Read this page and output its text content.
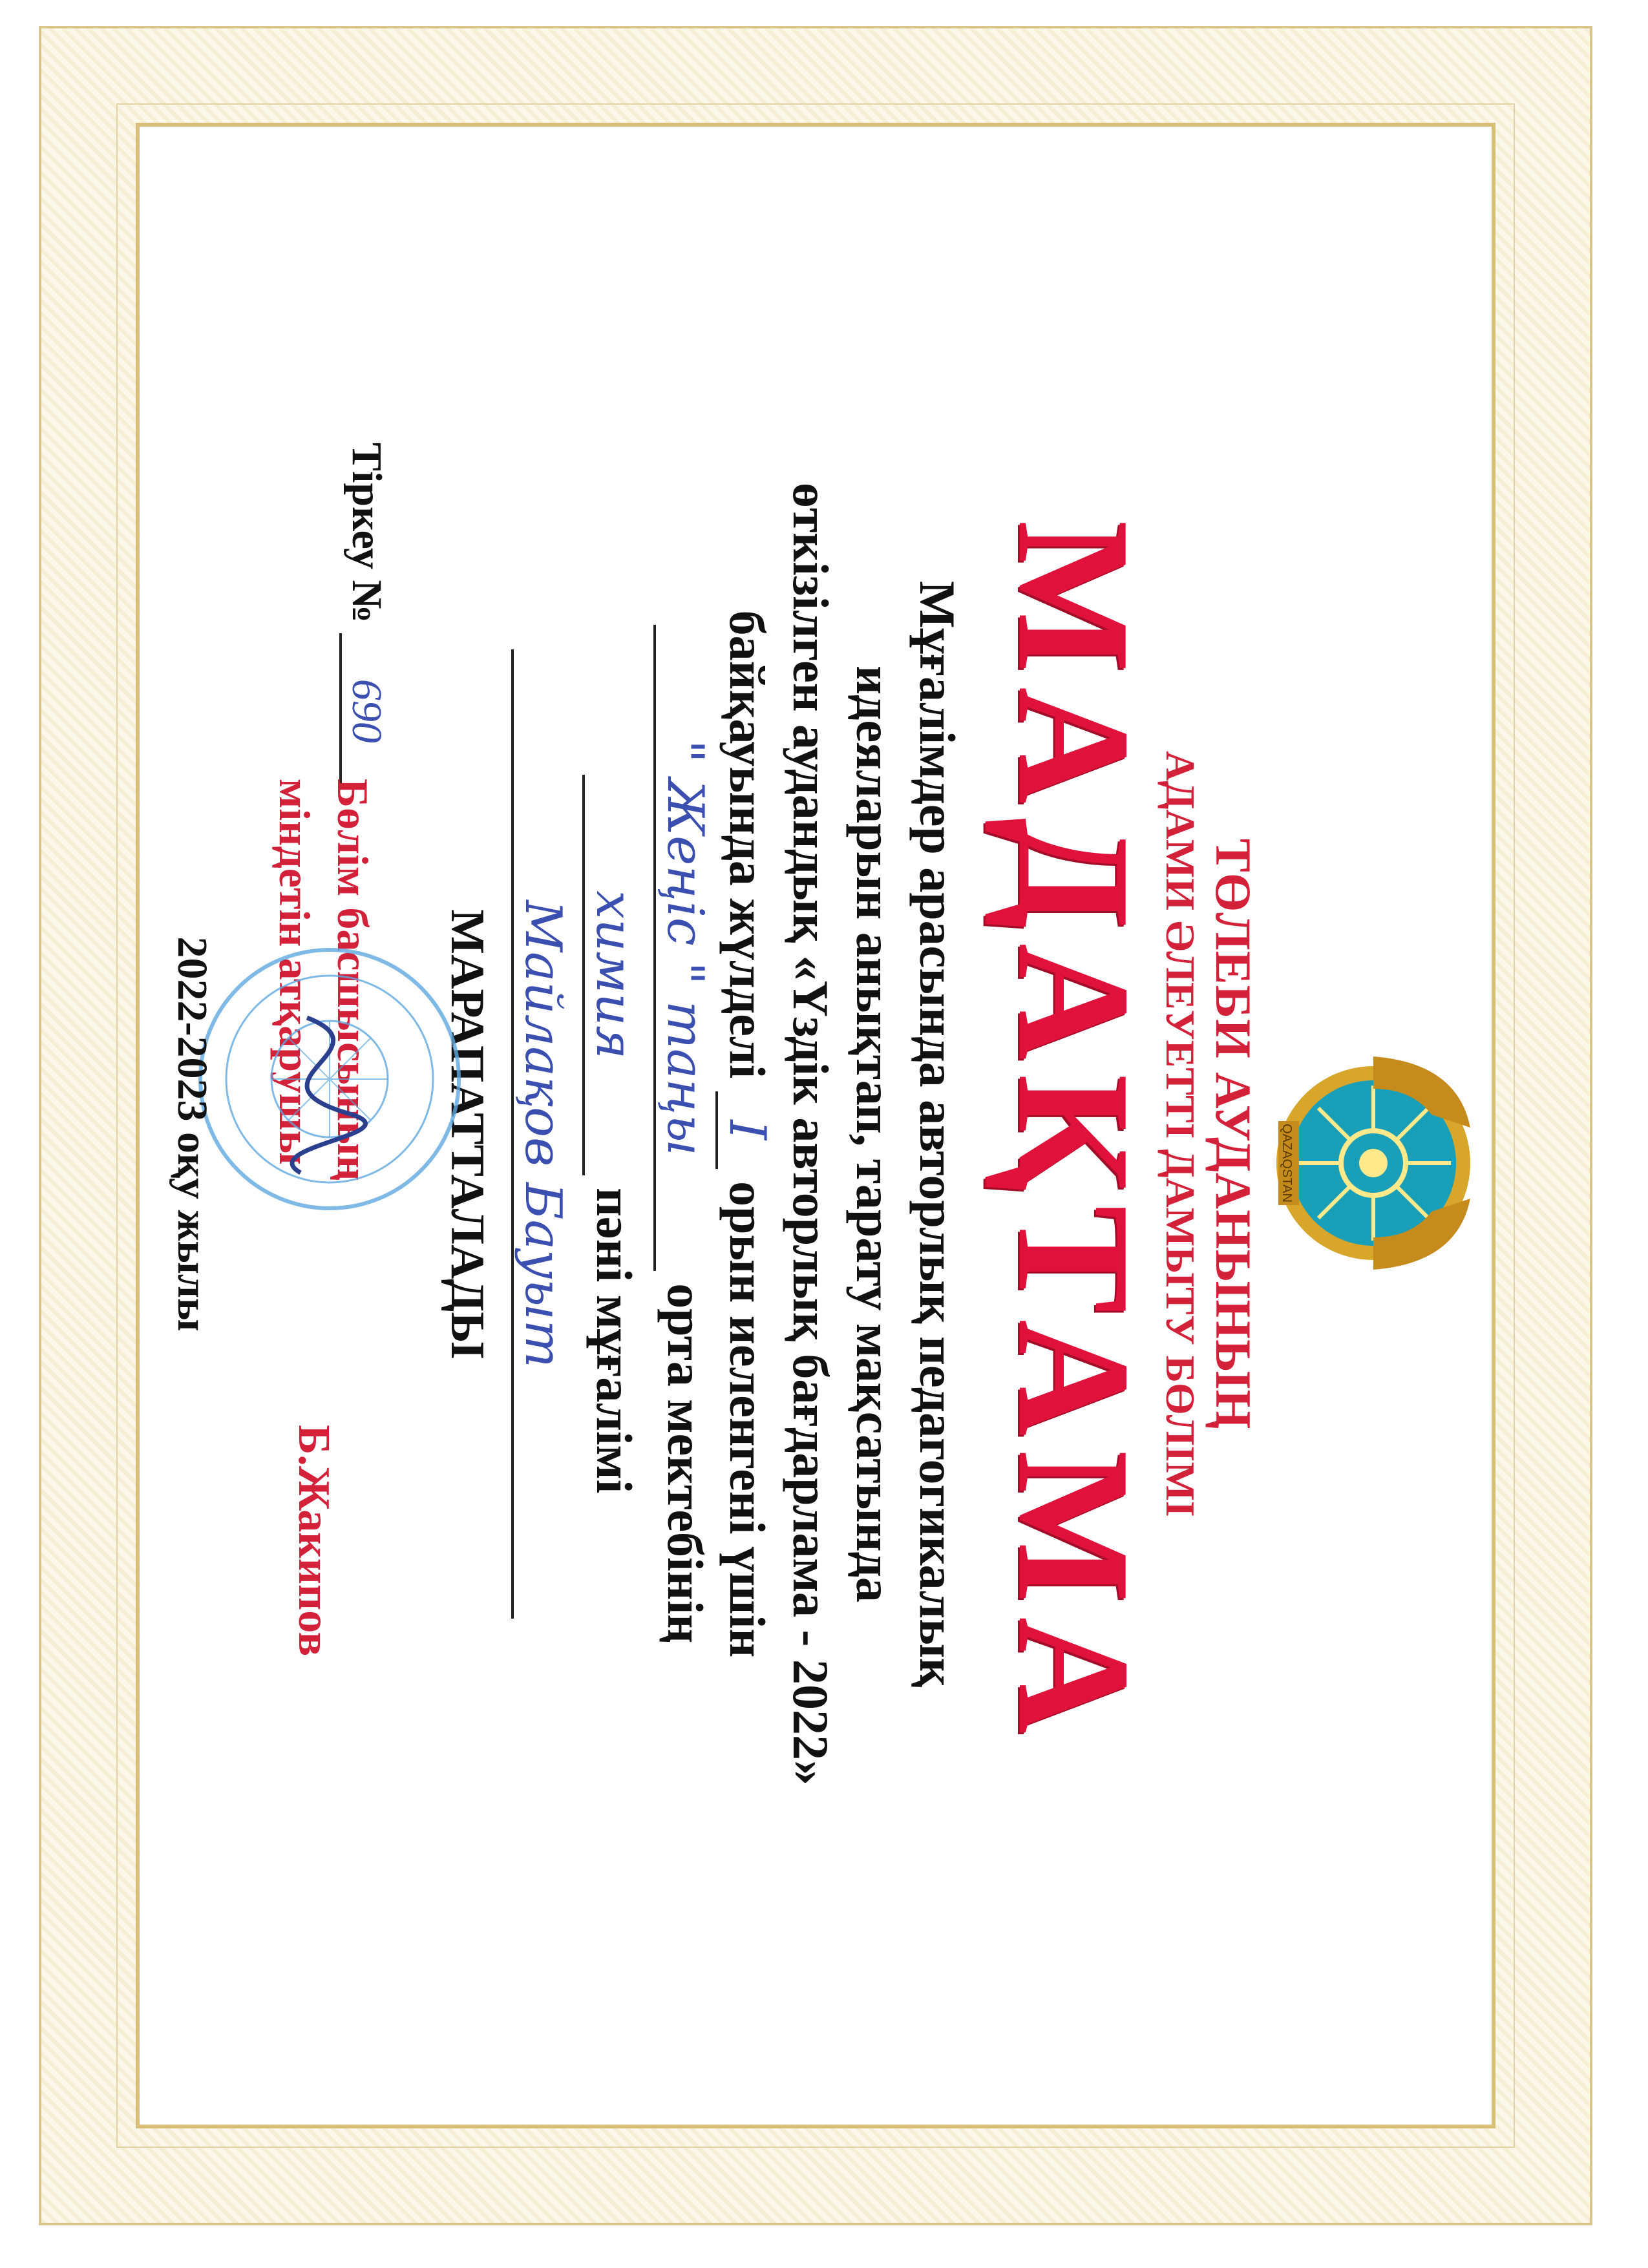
QAZAQSTAN
ТӨЛЕБИ АУДАНЫНЫҢ
АДАМИ ӘЛЕУЕТТІ ДАМЫТУ БӨЛІМІ
МАДАҚТАМА
Мұғалімдер арасында авторлық педагогикалық
идеяларын анықтап, тарату мақсатында
өткізілген аудандық «Үздік авторлық бағдарлама - 2022»
байқауында жүлделі I орын иеленгені үшін
" Жеңіс " таңы орта мектебінің
химия пәні мұғалімі
Майлақов Бауыт
МАРАПАТТАЛАДЫ
Тіркеу № 690
Бөлім басшысының
міндетін атқарушы
Б.Жакипов
2022-2023 оқу жылы
